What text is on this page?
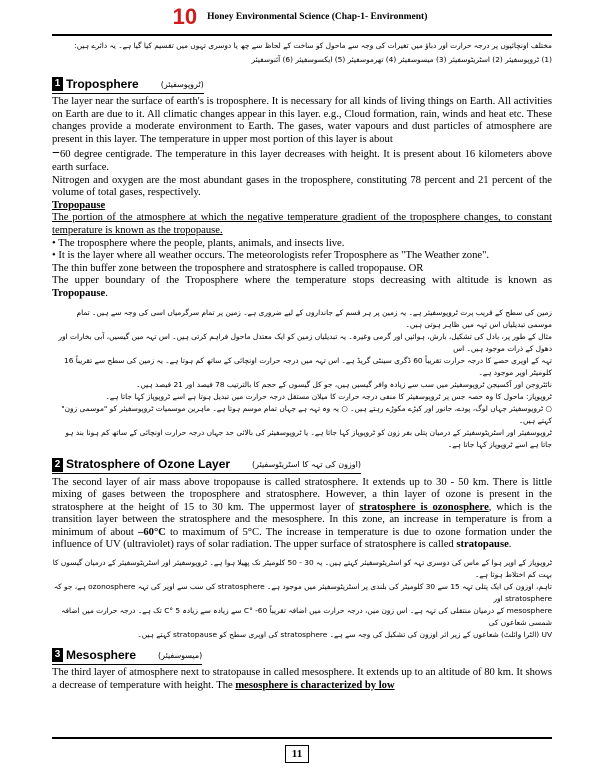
10 Honey Environmental Science (Chap-1- Environment)
مختلف اونچائیوں پر درجہ حرارت اور دباؤ میں تغیرات کی وجہ سے ماحول کو ساخت کے لحاظ سے چھ یا دوسری تہوں میں تقسیم کیا گیا ہے۔ یہ دائرے ہیں:
(1) ٹروپوسفیئر (2) اسٹریٹوسفیئر (3) میسوسفیئر (4) تھرموسفیئر (5) ایکسوسفیئر (6) آئنوسفیئر
1 Troposphere	(ٹروپوسفیئر)

The layer near the surface of earth's is troposphere. It is necessary for all kinds of living things on Earth. All activities on Earth are due to it. All climatic changes appear in this layer. e.g., Cloud formation, rain, winds and heat etc. These changes provide a moderate environment to Earth. The gases, water vapours and dust particles of atmosphere are present in this layer. The temperature in upper most portion of this layer is about

−60 degree centigrade. The temperature in this layer decreases with height. It is present about 16 kilometers above earth surface.

Nitrogen and oxygen are the most abundant gases in the troposphere, constituting 78 percent and 21 percent of the volume of total gases, respectively.

Tropopause

The portion of the atmosphere at which the negative temperature gradient of the troposphere changes, to constant temperature is known as the tropopause.

• The troposphere where the people, plants, animals, and insects live.

• It is the layer where all weather occurs. The meteorologists refer Troposphere as "The Weather zone".

The thin buffer zone between the troposphere and stratosphere is called tropopause. OR

The upper boundary of the Troposphere where the temperature stops decreasing with altitude is known as Tropopause.

زمین کی سطح کے قریب پرت ٹروپوسفیئر ہے۔ یہ زمین پر ہر قسم کے جانداروں کے لیے ضروری ہے۔ زمین پر تمام سرگرمیاں اسی کی وجہ سے ہیں۔ تمام موسمی تبدیلیاں اس تہہ میں ظاہر ہوتی ہیں۔
مثال کے طور پر، بادل کی تشکیل، بارش، ہوائیں اور گرمی وغیرہ۔ یہ تبدیلیاں زمین کو ایک معتدل ماحول فراہم کرتی ہیں۔ اس تہہ میں گیسیں، آبی بخارات اور دھول کے ذرات موجود ہیں۔ اس
تہہ کے اوپری حصے کا درجہ حرارت تقریباً 60 ڈگری سینٹی گریڈ ہے۔ اس تہہ میں درجہ حرارت اونچائی کے ساتھ کم ہوتا ہے۔ یہ زمین کی سطح سے تقریباً 16 کلومیٹر اوپر موجود ہے۔
نائٹروجن اور آکسیجن ٹروپوسفیئر میں سب سے زیادہ وافر گیسیں ہیں، جو کل گیسوں کے حجم کا بالترتیب 78 فیصد اور 21 فیصد ہیں۔
ٹروپوپاز: ماحول کا وہ حصہ جس پر ٹروپوسفیئر کا منفی درجہ حرارت کا میلان مستقل درجہ حرارت میں تبدیل ہوتا ہے اسے ٹروپوپاز کہا جاتا ہے۔
○ ٹروپوسفیئر جہاں لوگ، پودے، جانور اور کیڑے مکوڑے رہتے ہیں۔ ○ یہ وہ تہہ ہے جہاں تمام موسم ہوتا ہے۔ ماہرین موسمیات ٹروپوسفیئر کو "موسمی زون" کہتے ہیں۔
ٹروپوسفیئر اور اسٹریٹوسفیئر کے درمیان پتلی بفر زون کو ٹروپوپاز کہا جاتا ہے۔ یا ٹروپوسفیئر کی بالائی حد جہاں درجہ حرارت اونچائی کے ساتھ کم ہونا بند ہو جاتا ہے اسے ٹروپوپاز کہا جاتا ہے۔
2 Stratosphere of Ozone Layer	(اوزون کی تہہ کا اسٹریٹوسفیئر)

The second layer of air mass above tropopause is called stratosphere. It extends up to 30 - 50 km. There is little mixing of gases between the troposphere and stratosphere. However, a thin layer of ozone is present in the stratosphere at the height of 15 to 30 km. The uppermost layer of stratosphere is ozonosphere, which is the transition layer between the stratosphere and the mesosphere. In this zone, an increase in temperature is from a minimum of about –60°C to maximum of 5°C. The increase in temperature is due to ozone formation under the influence of UV (ultraviolet) rays of solar radiation. The upper surface of stratosphere is called stratopause.

ٹروپوپاز کے اوپر ہوا کے ماس کی دوسری تہہ کو اسٹریٹوسفیئر کہتے ہیں۔ یہ 30 - 50 کلومیٹر تک پھیلا ہوا ہے۔ ٹروپوسفیئر اور اسٹریٹوسفیئر کے درمیان گیسوں کا بہت کم اختلاط ہوتا ہے۔
تاہم، اوزون کی ایک پتلی تہہ 15 سے 30 کلومیٹر کی بلندی پر اسٹریٹوسفیئر میں موجود ہے۔ stratosphere کی سب سے اوپر کی تہہ ozonosphere ہے، جو کہ stratosphere اور
mesosphere کے درمیان منتقلی کی تہہ ہے۔ اس زون میں، درجہ حرارت میں اضافہ تقریباً 60- °C سے زیادہ سے زیادہ 5 °C تک ہے۔ درجہ حرارت میں اضافہ شمسی شعاعوں کی
UV (الٹرا وائلٹ) شعاعوں کے زیر اثر اوزون کی تشکیل کی وجہ سے ہے۔ stratosphere کی اوپری سطح کو stratopause کہتے ہیں۔
3 Mesosphere	(میسوسفیئر)

The third layer of atmosphere next to stratopause in called mesosphere. It extends up to an altitude of 80 km. It shows a decrease of temperature with height. The mesosphere is characterized by low

11
